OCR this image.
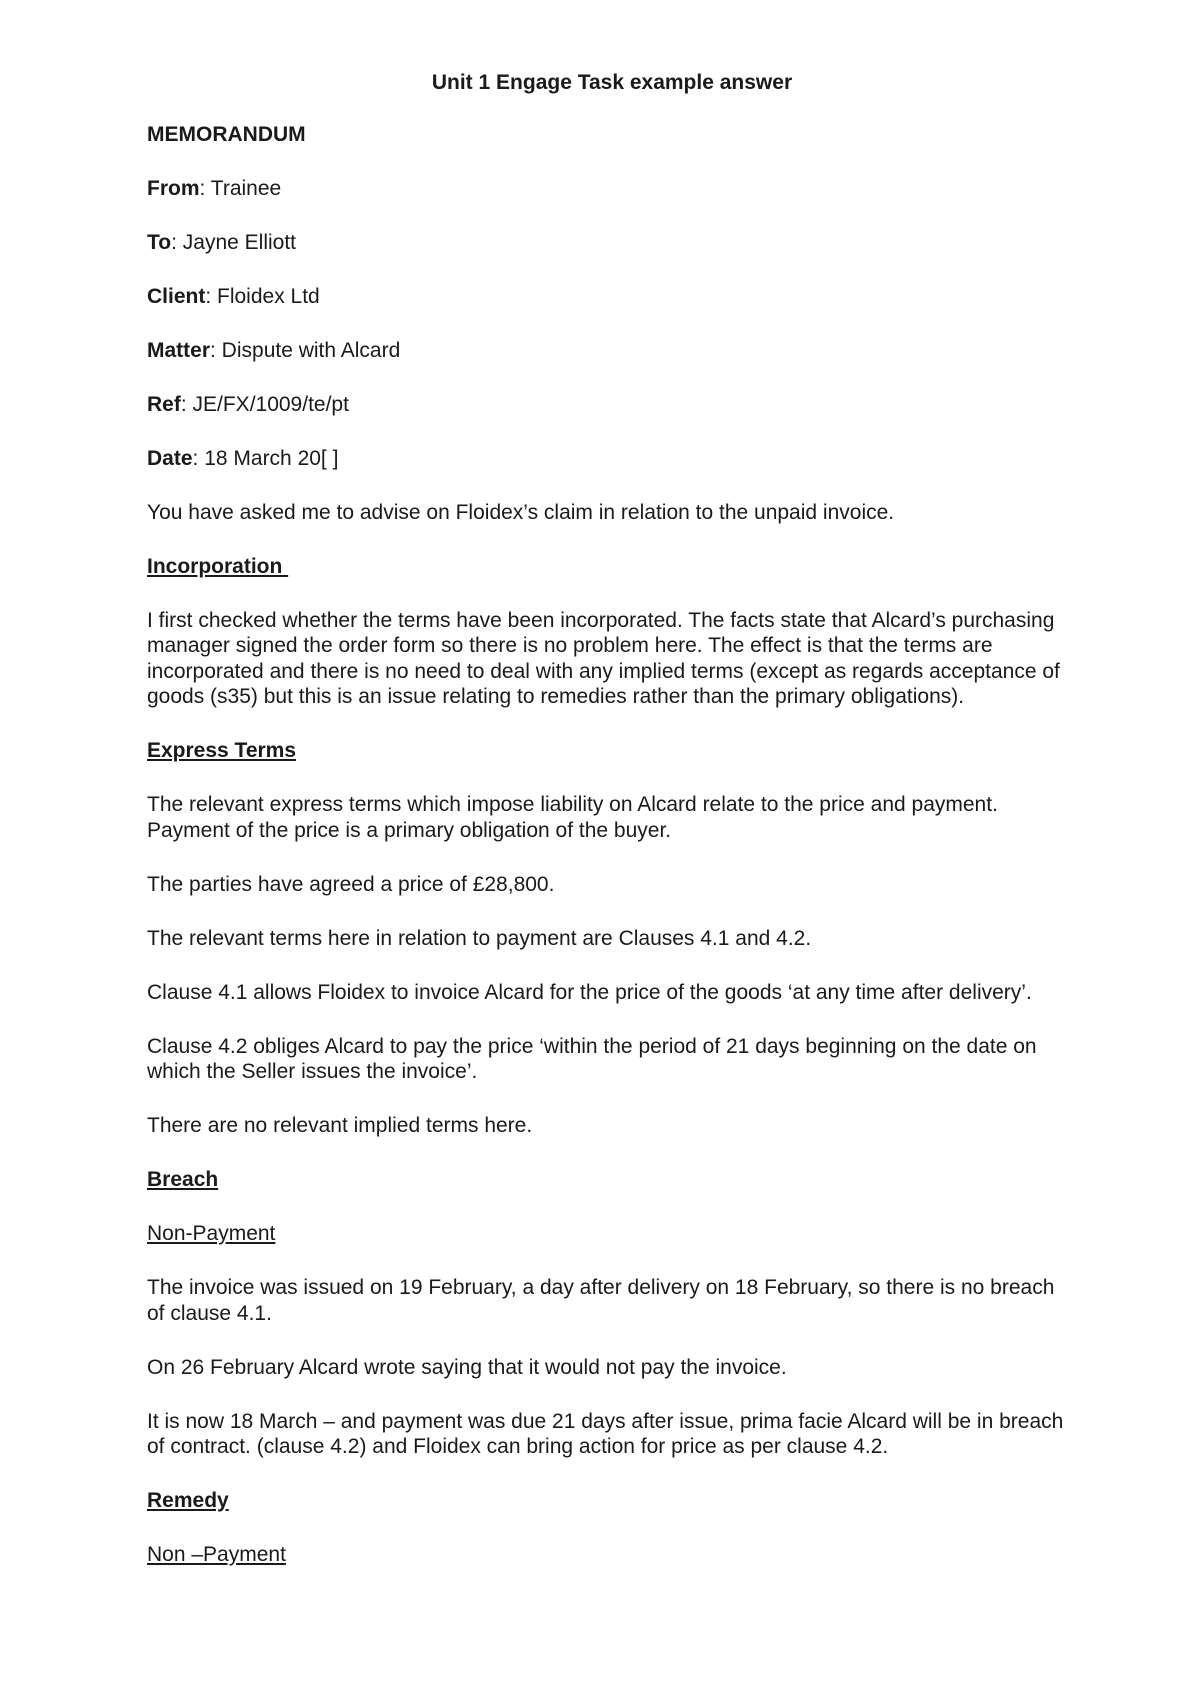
Unit 1 Engage Task example answer
MEMORANDUM
From: Trainee
To: Jayne Elliott
Client: Floidex Ltd
Matter: Dispute with Alcard
Ref: JE/FX/1009/te/pt
Date: 18 March 20[ ]
You have asked me to advise on Floidex’s claim in relation to the unpaid invoice.
Incorporation
I first checked whether the terms have been incorporated. The facts state that Alcard’s purchasing manager signed the order form so there is no problem here. The effect is that the terms are incorporated and there is no need to deal with any implied terms (except as regards acceptance of goods (s35) but this is an issue relating to remedies rather than the primary obligations).
Express Terms
The relevant express terms which impose liability on Alcard relate to the price and payment. Payment of the price is a primary obligation of the buyer.
The parties have agreed a price of £28,800.
The relevant terms here in relation to payment are Clauses 4.1 and 4.2.
Clause 4.1 allows Floidex to invoice Alcard for the price of the goods ‘at any time after delivery’.
Clause 4.2 obliges Alcard to pay the price ‘within the period of 21 days beginning on the date on which the Seller issues the invoice’.
There are no relevant implied terms here.
Breach
Non-Payment
The invoice was issued on 19 February, a day after delivery on 18 February, so there is no breach of clause 4.1.
On 26 February Alcard wrote saying that it would not pay the invoice.
It is now 18 March – and payment was due 21 days after issue, prima facie Alcard will be in breach of contract. (clause 4.2) and Floidex can bring action for price as per clause 4.2.
Remedy
Non –Payment
